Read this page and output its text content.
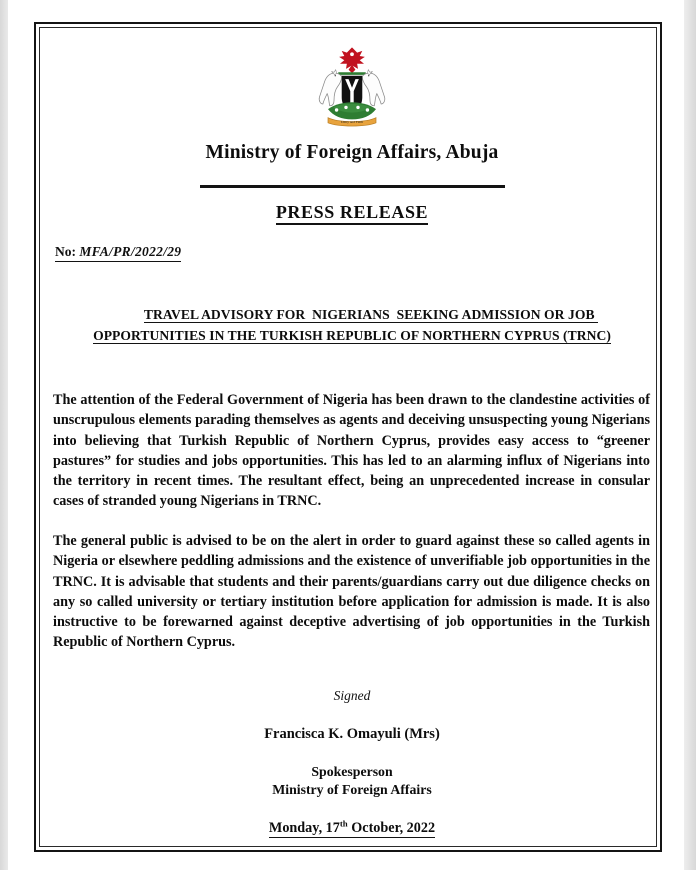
Unity and Faith
Ministry of Foreign Affairs, Abuja
PRESS RELEASE
No: MFA/PR/2022/29

TRAVEL ADVISORY FOR  NIGERIANS  SEEKING ADMISSION OR JOB OPPORTUNITIES IN THE TURKISH REPUBLIC OF NORTHERN CYPRUS (TRNC)

The attention of the Federal Government of Nigeria has been drawn to the clandestine activities of unscrupulous elements parading themselves as agents and deceiving unsuspecting young Nigerians into believing that Turkish Republic of Northern Cyprus, provides easy access to “greener pastures” for studies and jobs opportunities. This has led to an alarming influx of Nigerians into the territory in recent times. The resultant effect, being an unprecedented increase in consular cases of stranded young Nigerians in TRNC.

The general public is advised to be on the alert in order to guard against these so called agents in Nigeria or elsewhere peddling admissions and the existence of unverifiable job opportunities in the TRNC. It is advisable that students and their parents/guardians carry out due diligence checks on any so called university or tertiary institution before application for admission is made. It is also instructive to be forewarned against deceptive advertising of job opportunities in the Turkish Republic of Northern Cyprus.

Signed
Francisca K. Omayuli (Mrs)
Spokesperson
Ministry of Foreign Affairs
Monday, 17th October, 2022
